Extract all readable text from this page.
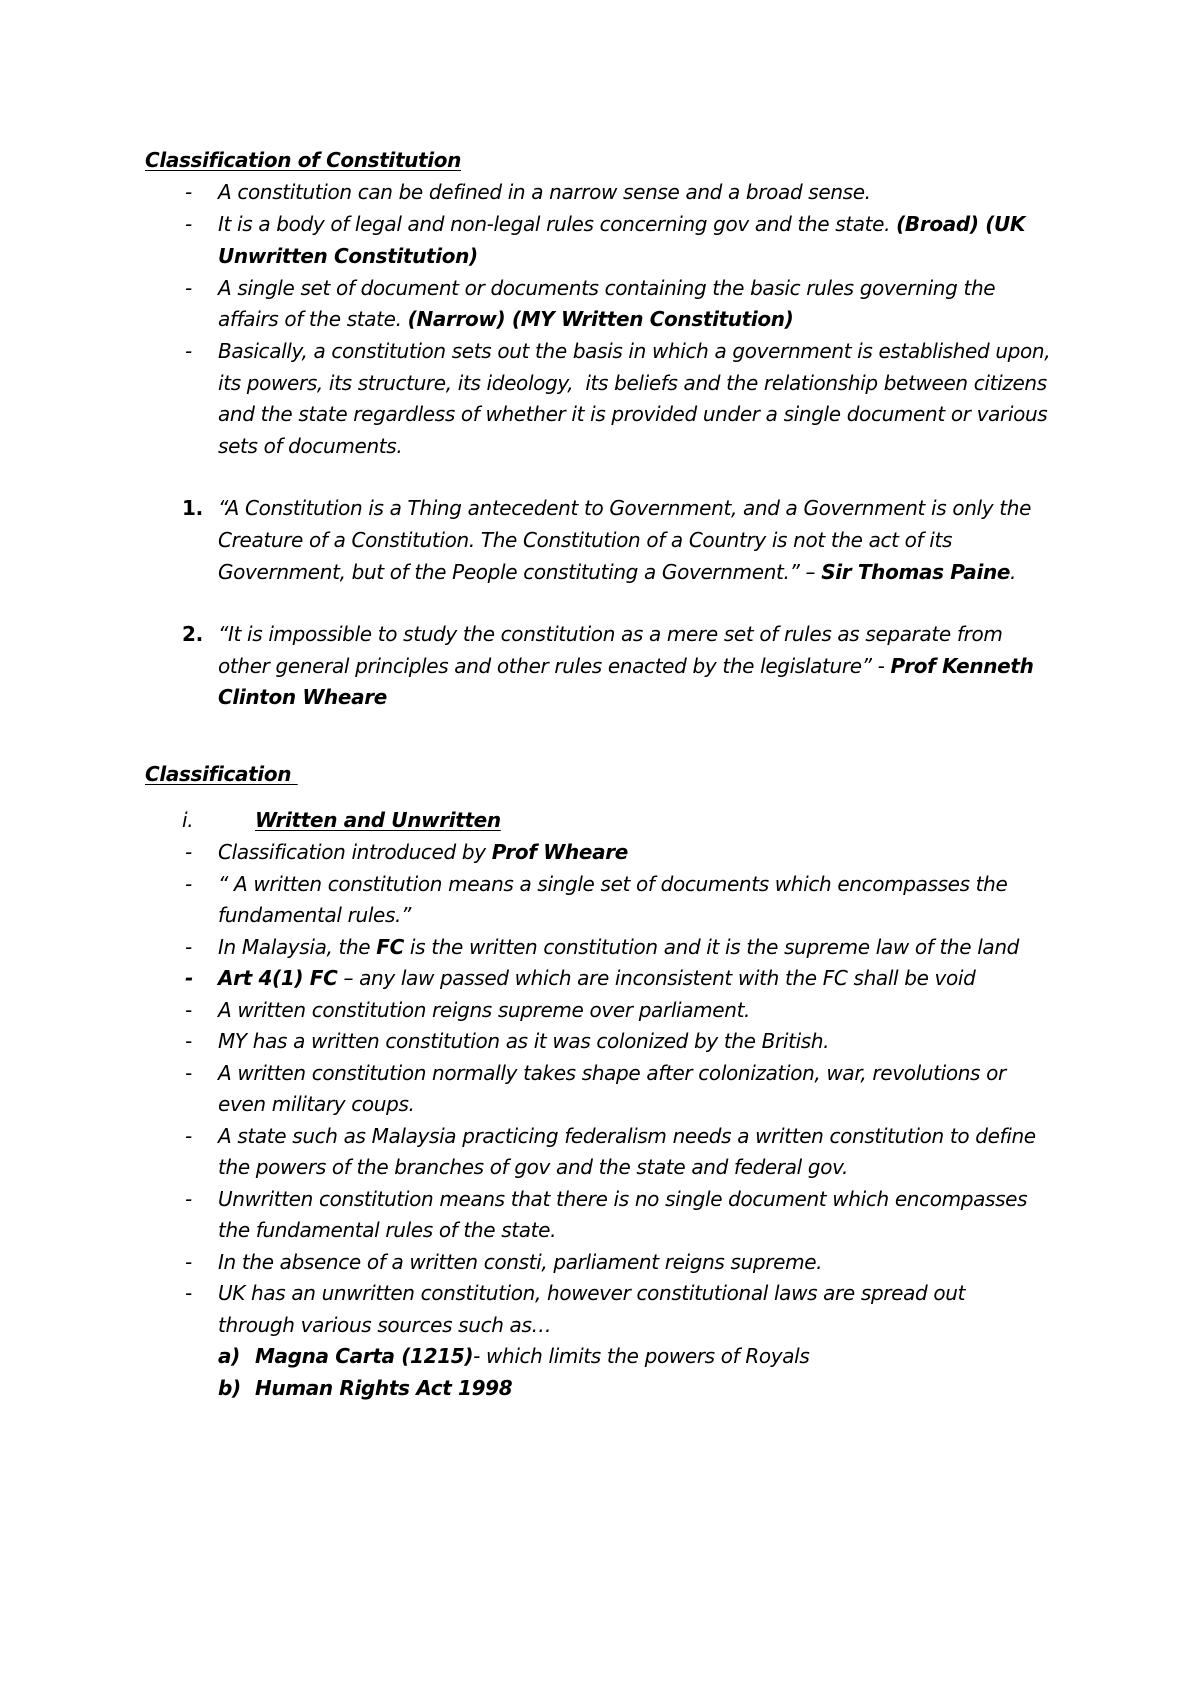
Classification of Constitution
- A constitution can be defined in a narrow sense and a broad sense.
- It is a body of legal and non-legal rules concerning gov and the state. (Broad) (UK
Unwritten Constitution)
- A single set of document or documents containing the basic rules governing the
affairs of the state. (Narrow) (MY Written Constitution)
- Basically, a constitution sets out the basis in which a government is established upon,
its powers, its structure, its ideology,  its beliefs and the relationship between citizens
and the state regardless of whether it is provided under a single document or various
sets of documents.
1. “A Constitution is a Thing antecedent to Government, and a Government is only the
Creature of a Constitution. The Constitution of a Country is not the act of its
Government, but of the People constituting a Government.” – Sir Thomas Paine.
2. “It is impossible to study the constitution as a mere set of rules as separate from
other general principles and other rules enacted by the legislature” - Prof Kenneth
Clinton Wheare
Classification
i.	Written and Unwritten
- Classification introduced by Prof Wheare
- “ A written constitution means a single set of documents which encompasses the
fundamental rules.”
- In Malaysia, the FC is the written constitution and it is the supreme law of the land
- Art 4(1) FC – any law passed which are inconsistent with the FC shall be void
- A written constitution reigns supreme over parliament.
- MY has a written constitution as it was colonized by the British.
- A written constitution normally takes shape after colonization, war, revolutions or
even military coups.
- A state such as Malaysia practicing federalism needs a written constitution to define
the powers of the branches of gov and the state and federal gov.
- Unwritten constitution means that there is no single document which encompasses
the fundamental rules of the state.
- In the absence of a written consti, parliament reigns supreme.
- UK has an unwritten constitution, however constitutional laws are spread out
through various sources such as…
a) Magna Carta (1215)- which limits the powers of Royals
b) Human Rights Act 1998
